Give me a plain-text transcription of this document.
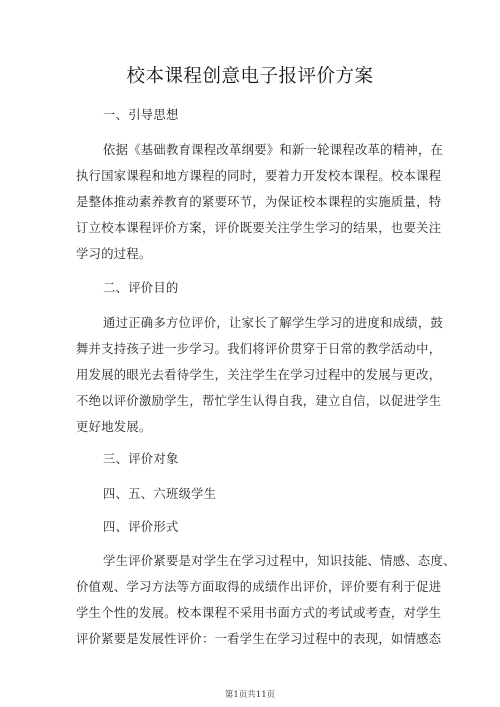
校本课程创意电子报评价方案
一、引导思想
依据《基础教育课程改革纲要》和新一轮课程改革的精神，在
执行国家课程和地方课程的同时，要着力开发校本课程。校本课程
是整体推动素养教育的紧要环节，为保证校本课程的实施质量，特
订立校本课程评价方案，评价既要关注学生学习的结果，也要关注
学习的过程。
二、评价目的
通过正确多方位评价，让家长了解学生学习的进度和成绩，鼓
舞并支持孩子进一步学习。我们将评价贯穿于日常的教学活动中，
用发展的眼光去看待学生，关注学生在学习过程中的发展与更改，
不绝以评价激励学生，帮忙学生认得自我，建立自信，以促进学生
更好地发展。
三、评价对象
四、五、六班级学生
四、评价形式
学生评价紧要是对学生在学习过程中，知识技能、情感、态度、
价值观、学习方法等方面取得的成绩作出评价，评价要有利于促进
学生个性的发展。校本课程不采用书面方式的考试或考查，对学生
评价紧要是发展性评价：一看学生在学习过程中的表现，如情感态
第1页共11页
